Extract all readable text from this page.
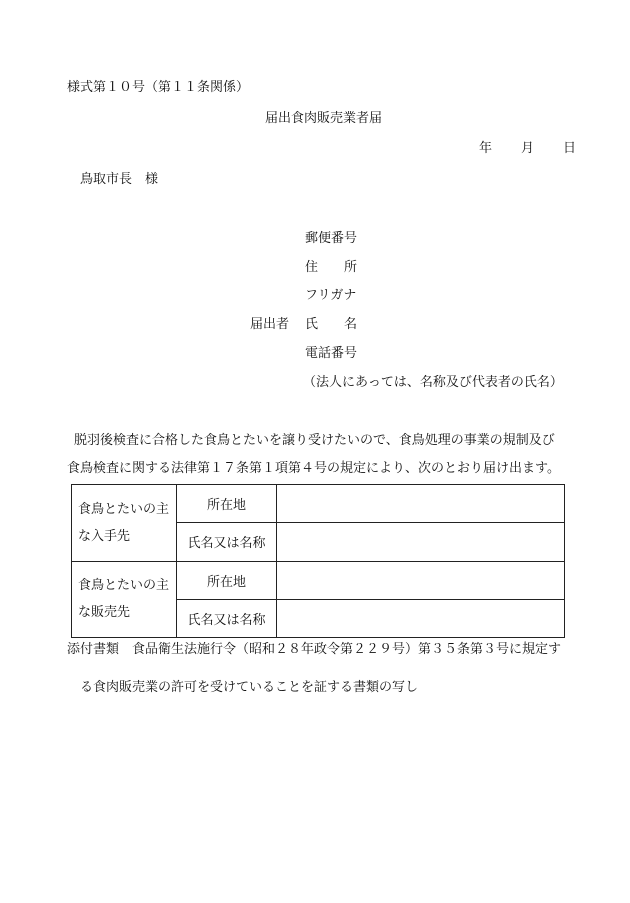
様式第１０号（第１１条関係）
届出食肉販売業者届
年 月 日
鳥取市長　様
郵便番号
住　　所
フリガナ
届出者 氏　　名
電話番号
（法人にあっては、名称及び代表者の氏名）
脱羽後検査に合格した食鳥とたいを譲り受けたいので、食鳥処理の事業の規制及び
食鳥検査に関する法律第１７条第１項第４号の規定により、次のとおり届け出ます。
食鳥とたいの主な入手先	所在地	
	氏名又は名称	
食鳥とたいの主な販売先	所在地	
	氏名又は名称	
添付書類　食品衛生法施行令（昭和２８年政令第２２９号）第３５条第３号に規定す
る食肉販売業の許可を受けていることを証する書類の写し
